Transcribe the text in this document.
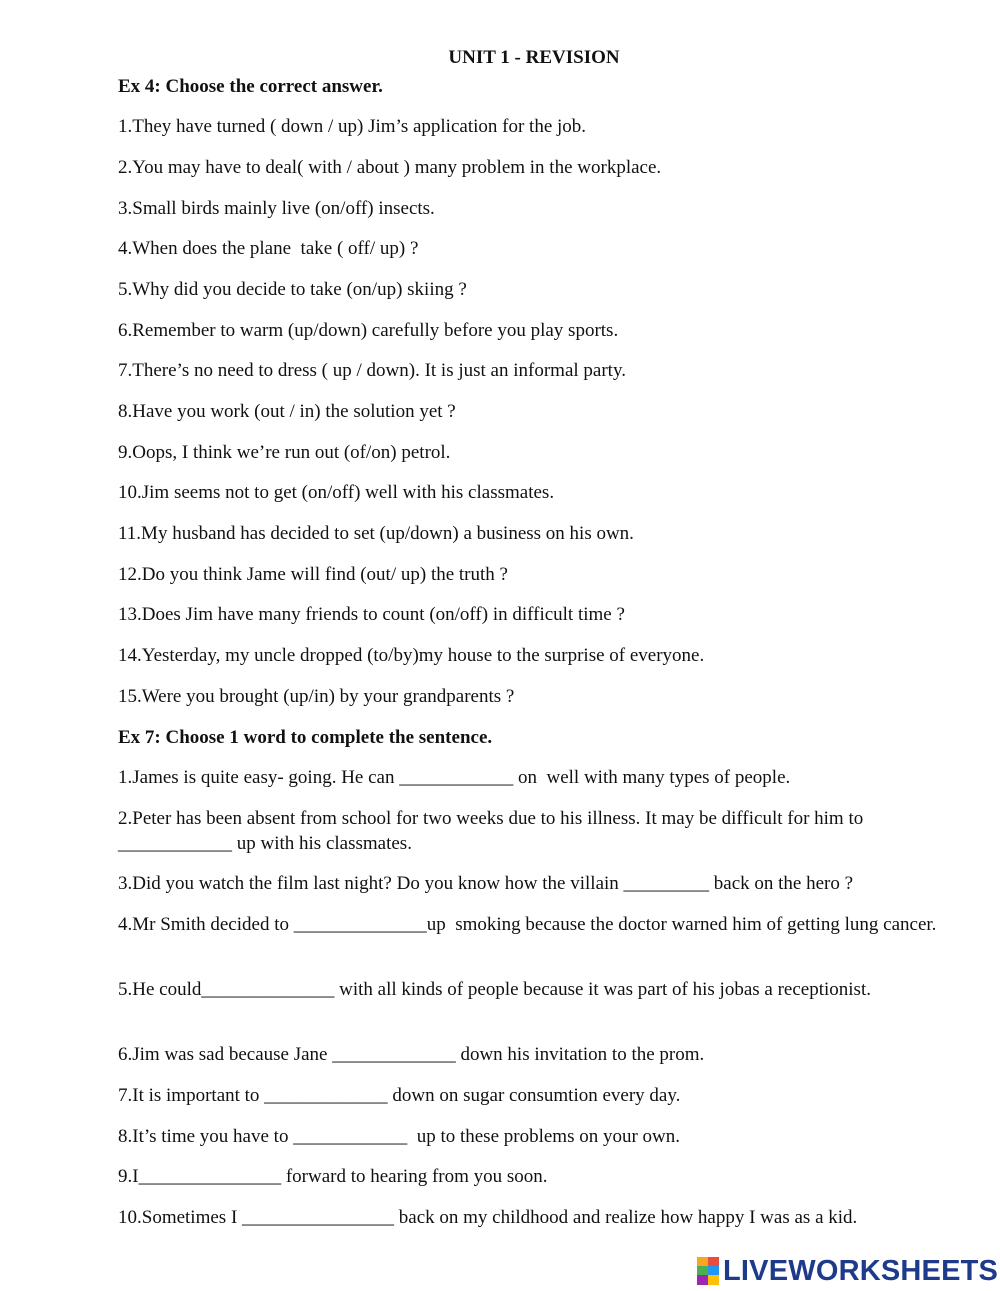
UNIT 1 - REVISION
Ex 4: Choose the correct answer.
1.They have turned ( down / up) Jim’s application for the job.
2.You may have to deal( with / about ) many problem in the workplace.
3.Small birds mainly live (on/off) insects.
4.When does the plane  take ( off/ up) ?
5.Why did you decide to take (on/up) skiing ?
6.Remember to warm (up/down) carefully before you play sports.
7.There’s no need to dress ( up / down). It is just an informal party.
8.Have you work (out / in) the solution yet ?
9.Oops, I think we’re run out (of/on) petrol.
10.Jim seems not to get (on/off) well with his classmates.
11.My husband has decided to set (up/down) a business on his own.
12.Do you think Jame will find (out/ up) the truth ?
13.Does Jim have many friends to count (on/off) in difficult time ?
14.Yesterday, my uncle dropped (to/by)my house to the surprise of everyone.
15.Were you brought (up/in) by your grandparents ?
Ex 7: Choose 1 word to complete the sentence.
1.James is quite easy- going. He can ____________ on  well with many types of people.
2.Peter has been absent from school for two weeks due to his illness. It may be difficult for him to ____________ up with his classmates.
3.Did you watch the film last night? Do you know how the villain _________ back on the hero ?
4.Mr Smith decided to ______________up  smoking because the doctor warned him of getting lung cancer.
5.He could______________ with all kinds of people because it was part of his jobas a receptionist.
6.Jim was sad because Jane _____________ down his invitation to the prom.
7.It is important to _____________ down on sugar consumtion every day.
8.It’s time you have to ____________  up to these problems on your own.
9.I_______________ forward to hearing from you soon.
10.Sometimes I ________________ back on my childhood and realize how happy I was as a kid.
LIVEWORKSHEETS
